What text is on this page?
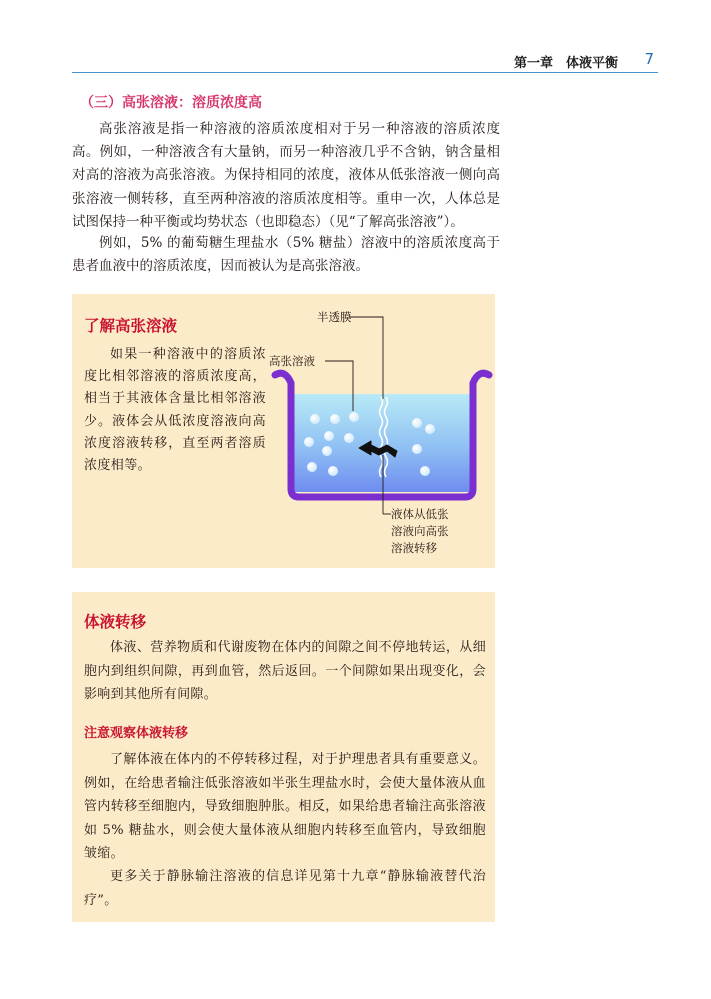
第一章　体液平衡 7
（三）高张溶液：溶质浓度高

高张溶液是指一种溶液的溶质浓度相对于另一种溶液的溶质浓度高。例如，一种溶液含有大量钠，而另一种溶液几乎不含钠，钠含量相对高的溶液为高张溶液。为保持相同的浓度，液体从低张溶液一侧向高张溶液一侧转移，直至两种溶液的溶质浓度相等。重申一次，人体总是试图保持一种平衡或均势状态（也即稳态）（见“了解高张溶液”）。

例如，5% 的葡萄糖生理盐水（5% 糖盐）溶液中的溶质浓度高于患者血液中的溶质浓度，因而被认为是高张溶液。

了解高张溶液
如果一种溶液中的溶质浓度比相邻溶液的溶质浓度高，相当于其液体含量比相邻溶液少。液体会从低浓度溶液向高浓度溶液转移，直至两者溶质浓度相等。
半透膜
高张溶液
液体从低张
溶液向高张
溶液转移
体液转移
体液、营养物质和代谢废物在体内的间隙之间不停地转运，从细胞内到组织间隙，再到血管，然后返回。一个间隙如果出现变化，会影响到其他所有间隙。
注意观察体液转移
了解体液在体内的不停转移过程，对于护理患者具有重要意义。例如，在给患者输注低张溶液如半张生理盐水时，会使大量体液从血管内转移至细胞内，导致细胞肿胀。相反，如果给患者输注高张溶液如 5% 糖盐水，则会使大量体液从细胞内转移至血管内，导致细胞皱缩。
更多关于静脉输注溶液的信息详见第十九章“静脉输液替代治疗”。
